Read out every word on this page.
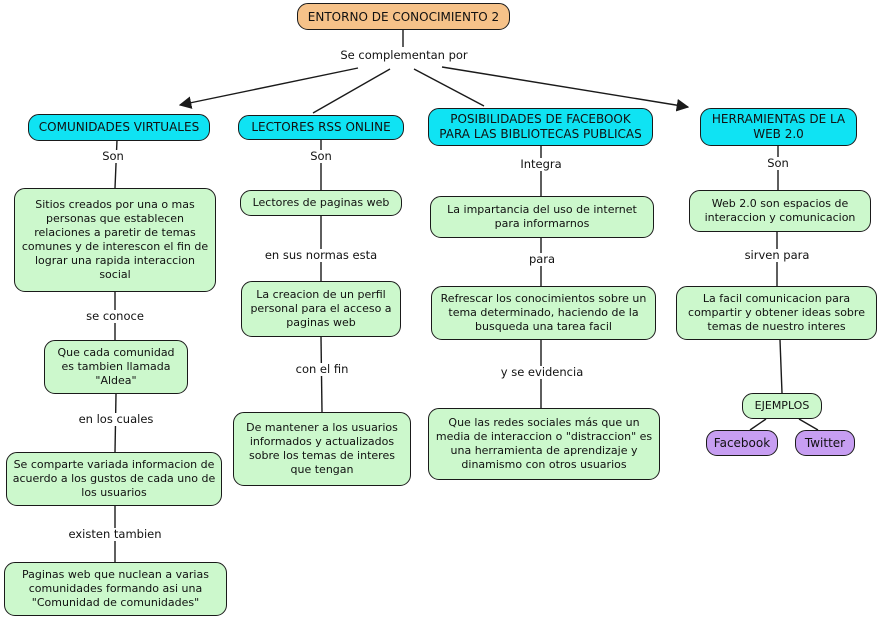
ENTORNO DE CONOCIMIENTO 2
Se complementan por
COMUNIDADES VIRTUALES
Son
Sitios creados por una o mas personas que establecen relaciones a paretir de temas comunes y de interescon el fin de lograr una rapida interaccion social
se conoce
Que cada comunidad es tambien llamada "Aldea"
en los cuales
Se comparte variada informacion de acuerdo a los gustos de cada uno de los usuarios
existen tambien
Paginas web que nuclean a varias comunidades formando asi una "Comunidad de comunidades"
LECTORES RSS ONLINE
Son
Lectores de paginas web
en sus normas esta
La creacion de un perfil personal para el acceso a paginas web
con el fin
De mantener a los usuarios informados y actualizados sobre los temas de interes que tengan
POSIBILIDADES DE FACEBOOK PARA LAS BIBLIOTECAS PUBLICAS
Integra
La impartancia del uso de internet para informarnos
para
Refrescar los conocimientos sobre un tema determinado, haciendo de la busqueda una tarea facil
y se evidencia
Que las redes sociales más que un media de interaccion o "distraccion" es una herramienta de aprendizaje y dinamismo con otros usuarios
HERRAMIENTAS DE LA WEB 2.0
Son
Web 2.0 son espacios de interaccion y comunicacion
sirven para
La facil comunicacion para compartir y obtener ideas sobre temas de nuestro interes
EJEMPLOS
Facebook	Twitter
